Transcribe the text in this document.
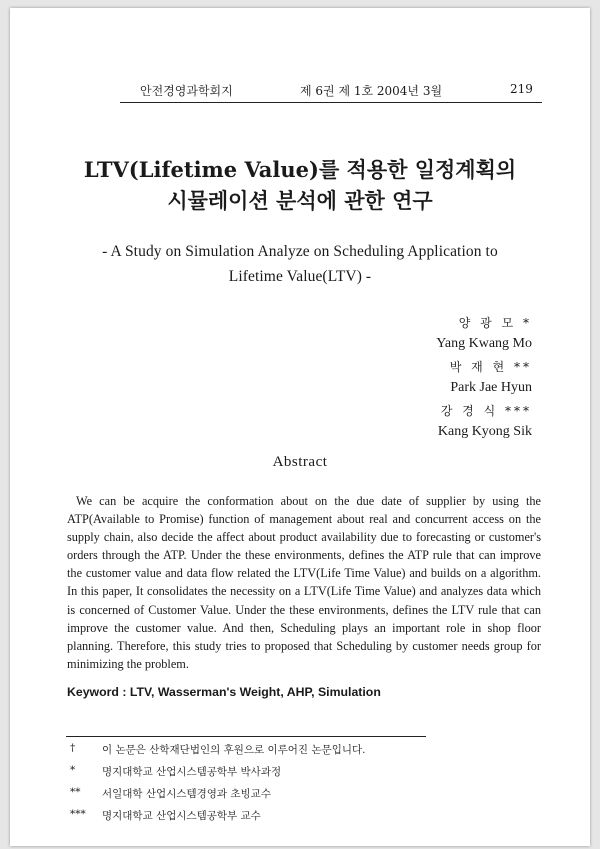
안전경영과학회지	제 6권 제 1호 2004년 3월	219
LTV(Lifetime Value)를 적용한 일정계획의
시뮬레이션 분석에 관한 연구
- A Study on Simulation Analyze on Scheduling Application to
Lifetime Value(LTV) -
양 광 모 *
Yang Kwang Mo
박 재 현 **
Park Jae Hyun
강 경 식 ***
Kang Kyong Sik
Abstract
We can be acquire the conformation about on the due date of supplier by using the ATP(Available to Promise) function of management about real and concurrent access on the supply chain, also decide the affect about product availability due to forecasting or customer's orders through the ATP. Under the these environments, defines the ATP rule that can improve the customer value and data flow related the LTV(Life Time Value) and builds on a algorithm. In this paper, It consolidates the necessity on a LTV(Life Time Value) and analyzes data which is concerned of Customer Value. Under the these environments, defines the LTV rule that can improve the customer value. And then, Scheduling plays an important role in shop floor planning. Therefore, this study tries to proposed that Scheduling by customer needs group for minimizing the problem.
Keyword : LTV, Wasserman's Weight, AHP, Simulation
†	이 논문은 산학재단법인의 후원으로 이루어진 논문입니다.
*	명지대학교 산업시스템공학부 박사과정
**	서일대학 산업시스템경영과 초빙교수
***	명지대학교 산업시스템공학부 교수
